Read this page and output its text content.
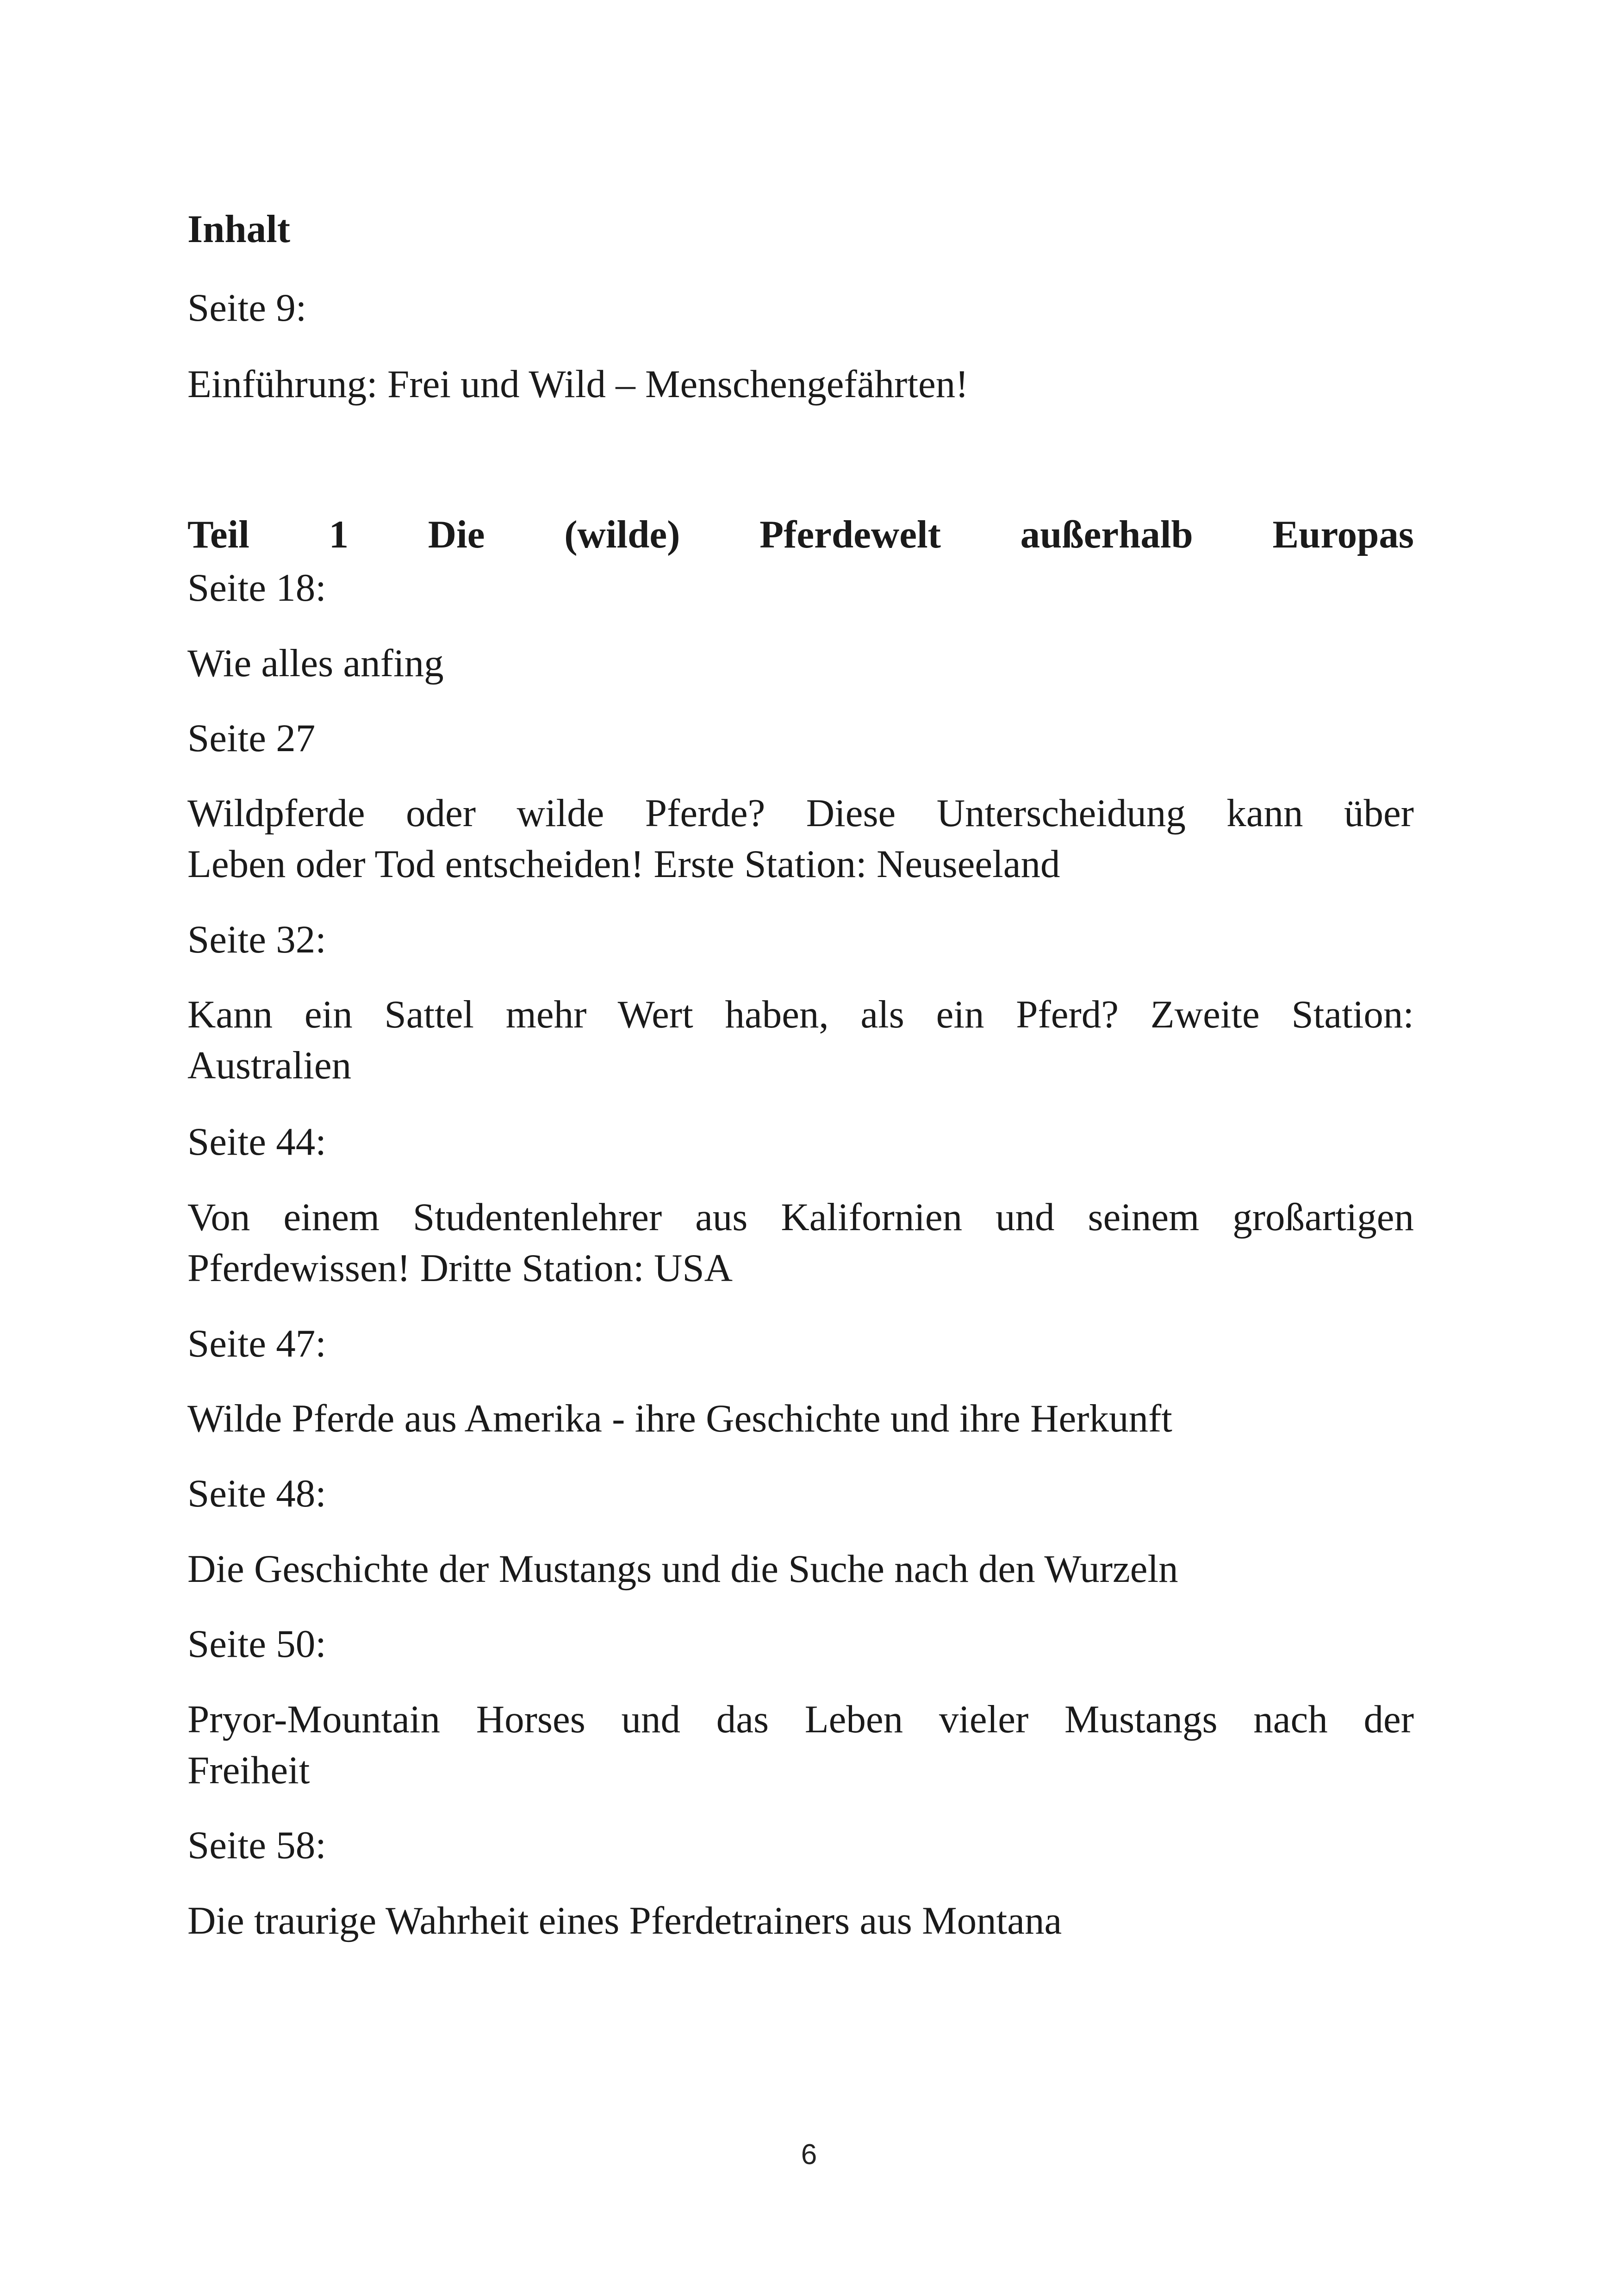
Inhalt
Seite 9:
Einführung: Frei und Wild – Menschengefährten!
Teil 1 Die (wilde) Pferdewelt außerhalb Europas
Seite 18:
Wie alles anfing
Seite 27
Wildpferde oder wilde Pferde? Diese Unterscheidung kann über
Leben oder Tod entscheiden! Erste Station: Neuseeland
Seite 32:
Kann ein Sattel mehr Wert haben, als ein Pferd? Zweite Station:
Australien
Seite 44:
Von einem Studentenlehrer aus Kalifornien und seinem großartigen
Pferdewissen! Dritte Station: USA
Seite 47:
Wilde Pferde aus Amerika - ihre Geschichte und ihre Herkunft
Seite 48:
Die Geschichte der Mustangs und die Suche nach den Wurzeln
Seite 50:
Pryor-Mountain Horses und das Leben vieler Mustangs nach der
Freiheit
Seite 58:
Die traurige Wahrheit eines Pferdetrainers aus Montana
6
